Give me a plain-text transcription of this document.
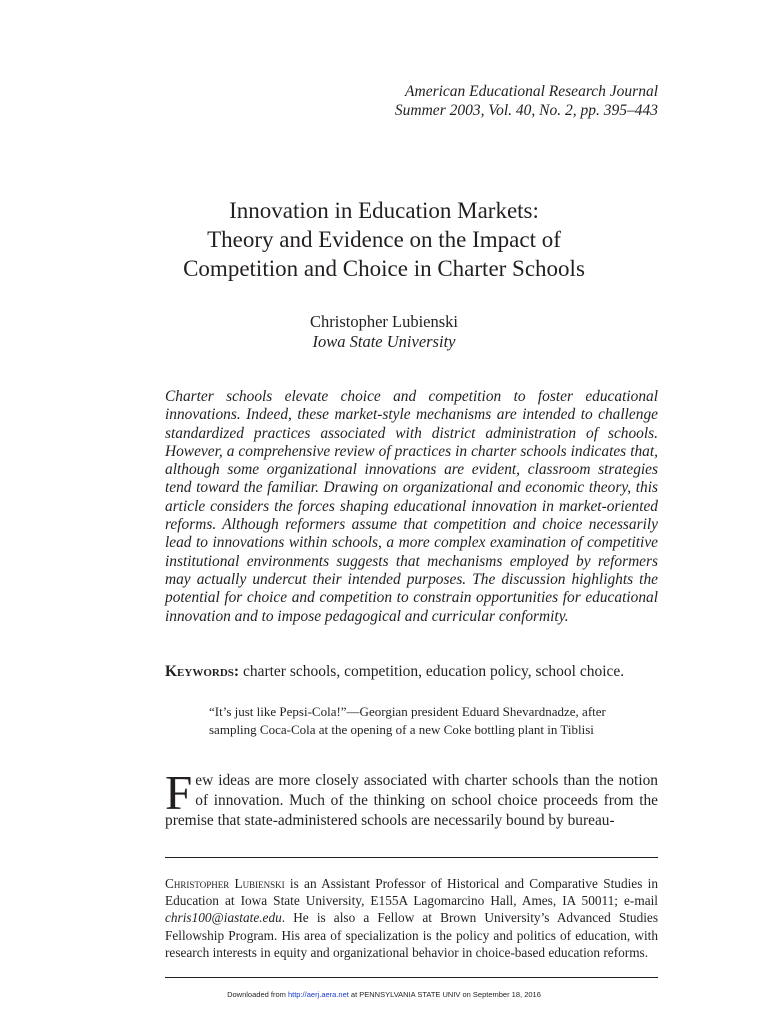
American Educational Research Journal
Summer 2003, Vol. 40, No. 2, pp. 395–443
Innovation in Education Markets:
Theory and Evidence on the Impact of
Competition and Choice in Charter Schools
Christopher Lubienski
Iowa State University
Charter schools elevate choice and competition to foster educational innovations. Indeed, these market-style mechanisms are intended to challenge standardized practices associated with district administration of schools. However, a comprehensive review of practices in charter schools indicates that, although some organizational innovations are evident, classroom strategies tend toward the familiar. Drawing on organizational and economic theory, this article considers the forces shaping educational innovation in market-oriented reforms. Although reformers assume that competition and choice necessarily lead to innovations within schools, a more complex examination of competitive institutional environments suggests that mechanisms employed by reformers may actually undercut their intended purposes. The discussion highlights the potential for choice and competition to constrain opportunities for educational innovation and to impose pedagogical and curricular conformity.
Keywords: charter schools, competition, education policy, school choice.
“It’s just like Pepsi-Cola!”—Georgian president Eduard Shevardnadze, after sampling Coca-Cola at the opening of a new Coke bottling plant in Tiblisi
Few ideas are more closely associated with charter schools than the notion of innovation. Much of the thinking on school choice proceeds from the premise that state-administered schools are necessarily bound by bureau-
Christopher Lubienski is an Assistant Professor of Historical and Comparative Studies in Education at Iowa State University, E155A Lagomarcino Hall, Ames, IA 50011; e-mail chris100@iastate.edu. He is also a Fellow at Brown University’s Advanced Studies Fellowship Program. His area of specialization is the policy and politics of education, with research interests in equity and organizational behavior in choice-based education reforms.
Downloaded from http://aerj.aera.net at PENNSYLVANIA STATE UNIV on September 18, 2016
